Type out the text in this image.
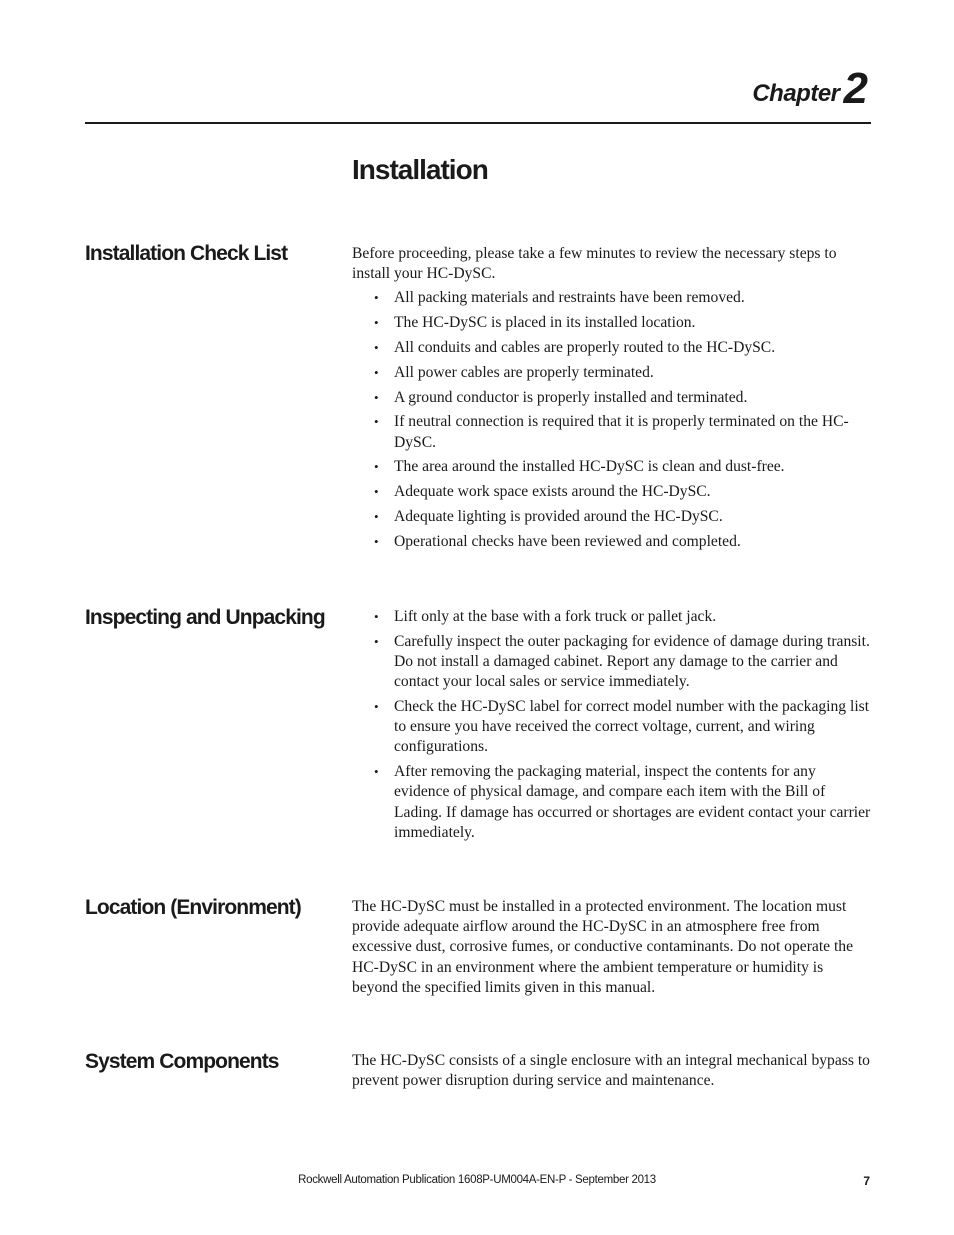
Chapter2
Installation
Installation Check List	Before proceeding, please take a few minutes to review the necessary steps to install your HC-DySC.

• All packing materials and restraints have been removed.
• The HC-DySC is placed in its installed location.
• All conduits and cables are properly routed to the HC-DySC.
• All power cables are properly terminated.
• A ground conductor is properly installed and terminated.
• If neutral connection is required that it is properly terminated on the HC-DySC.
• The area around the installed HC-DySC is clean and dust-free.
• Adequate work space exists around the HC-DySC.
• Adequate lighting is provided around the HC-DySC.
• Operational checks have been reviewed and completed.
Inspecting and Unpacking	• Lift only at the base with a fork truck or pallet jack.
• Carefully inspect the outer packaging for evidence of damage during transit. Do not install a damaged cabinet. Report any damage to the carrier and contact your local sales or service immediately.
• Check the HC-DySC label for correct model number with the packaging list to ensure you have received the correct voltage, current, and wiring configurations.
• After removing the packaging material, inspect the contents for any evidence of physical damage, and compare each item with the Bill of Lading. If damage has occurred or shortages are evident contact your carrier immediately.
Location (Environment)	The HC-DySC must be installed in a protected environment. The location must provide adequate airflow around the HC-DySC in an atmosphere free from excessive dust, corrosive fumes, or conductive contaminants. Do not operate the HC-DySC in an environment where the ambient temperature or humidity is beyond the specified limits given in this manual.

System Components	The HC-DySC consists of a single enclosure with an integral mechanical bypass to prevent power disruption during service and maintenance.

Rockwell Automation Publication 1608P-UM004A-EN-P - September 2013	7
